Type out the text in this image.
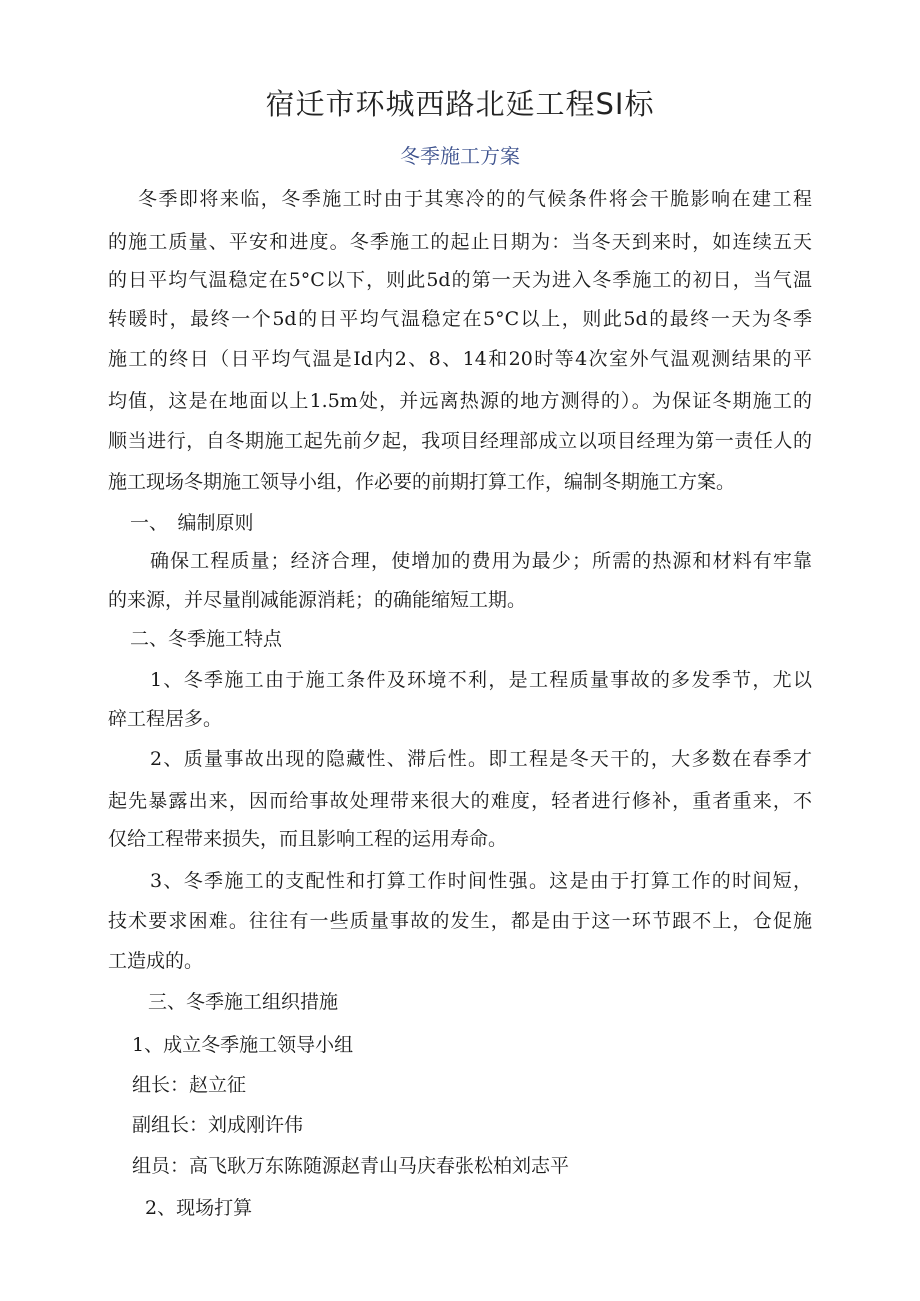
宿迁市环城西路北延工程SI标
冬季施工方案
冬季即将来临，冬季施工时由于其寒冷的的气候条件将会干脆影响在建工程
的施工质量、平安和进度。冬季施工的起止日期为：当冬天到来时，如连续五天
的日平均气温稳定在5°C以下，则此5d的第一天为进入冬季施工的初日，当气温
转暖时，最终一个5d的日平均气温稳定在5°C以上，则此5d的最终一天为冬季
施工的终日（日平均气温是Id内2、8、14和20时等4次室外气温观测结果的平
均值，这是在地面以上1.5m处，并远离热源的地方测得的）。为保证冬期施工的
顺当进行，自冬期施工起先前夕起，我项目经理部成立以项目经理为第一责任人的
施工现场冬期施工领导小组，作必要的前期打算工作，编制冬期施工方案。
一、　编制原则
确保工程质量；经济合理，使增加的费用为最少；所需的热源和材料有牢靠
的来源，并尽量削减能源消耗；的确能缩短工期。
二、冬季施工特点
1、冬季施工由于施工条件及环境不利，是工程质量事故的多发季节，尤以
碎工程居多。
2、质量事故出现的隐藏性、滞后性。即工程是冬天干的，大多数在春季才
起先暴露出来，因而给事故处理带来很大的难度，轻者进行修补，重者重来，不
仅给工程带来损失，而且影响工程的运用寿命。
3、冬季施工的支配性和打算工作时间性强。这是由于打算工作的时间短，
技术要求困难。往往有一些质量事故的发生，都是由于这一环节跟不上，仓促施
工造成的。
三、冬季施工组织措施
1、成立冬季施工领导小组
组长：赵立征
副组长：刘成刚许伟
组员：高飞耿万东陈随源赵青山马庆春张松柏刘志平
2、现场打算
